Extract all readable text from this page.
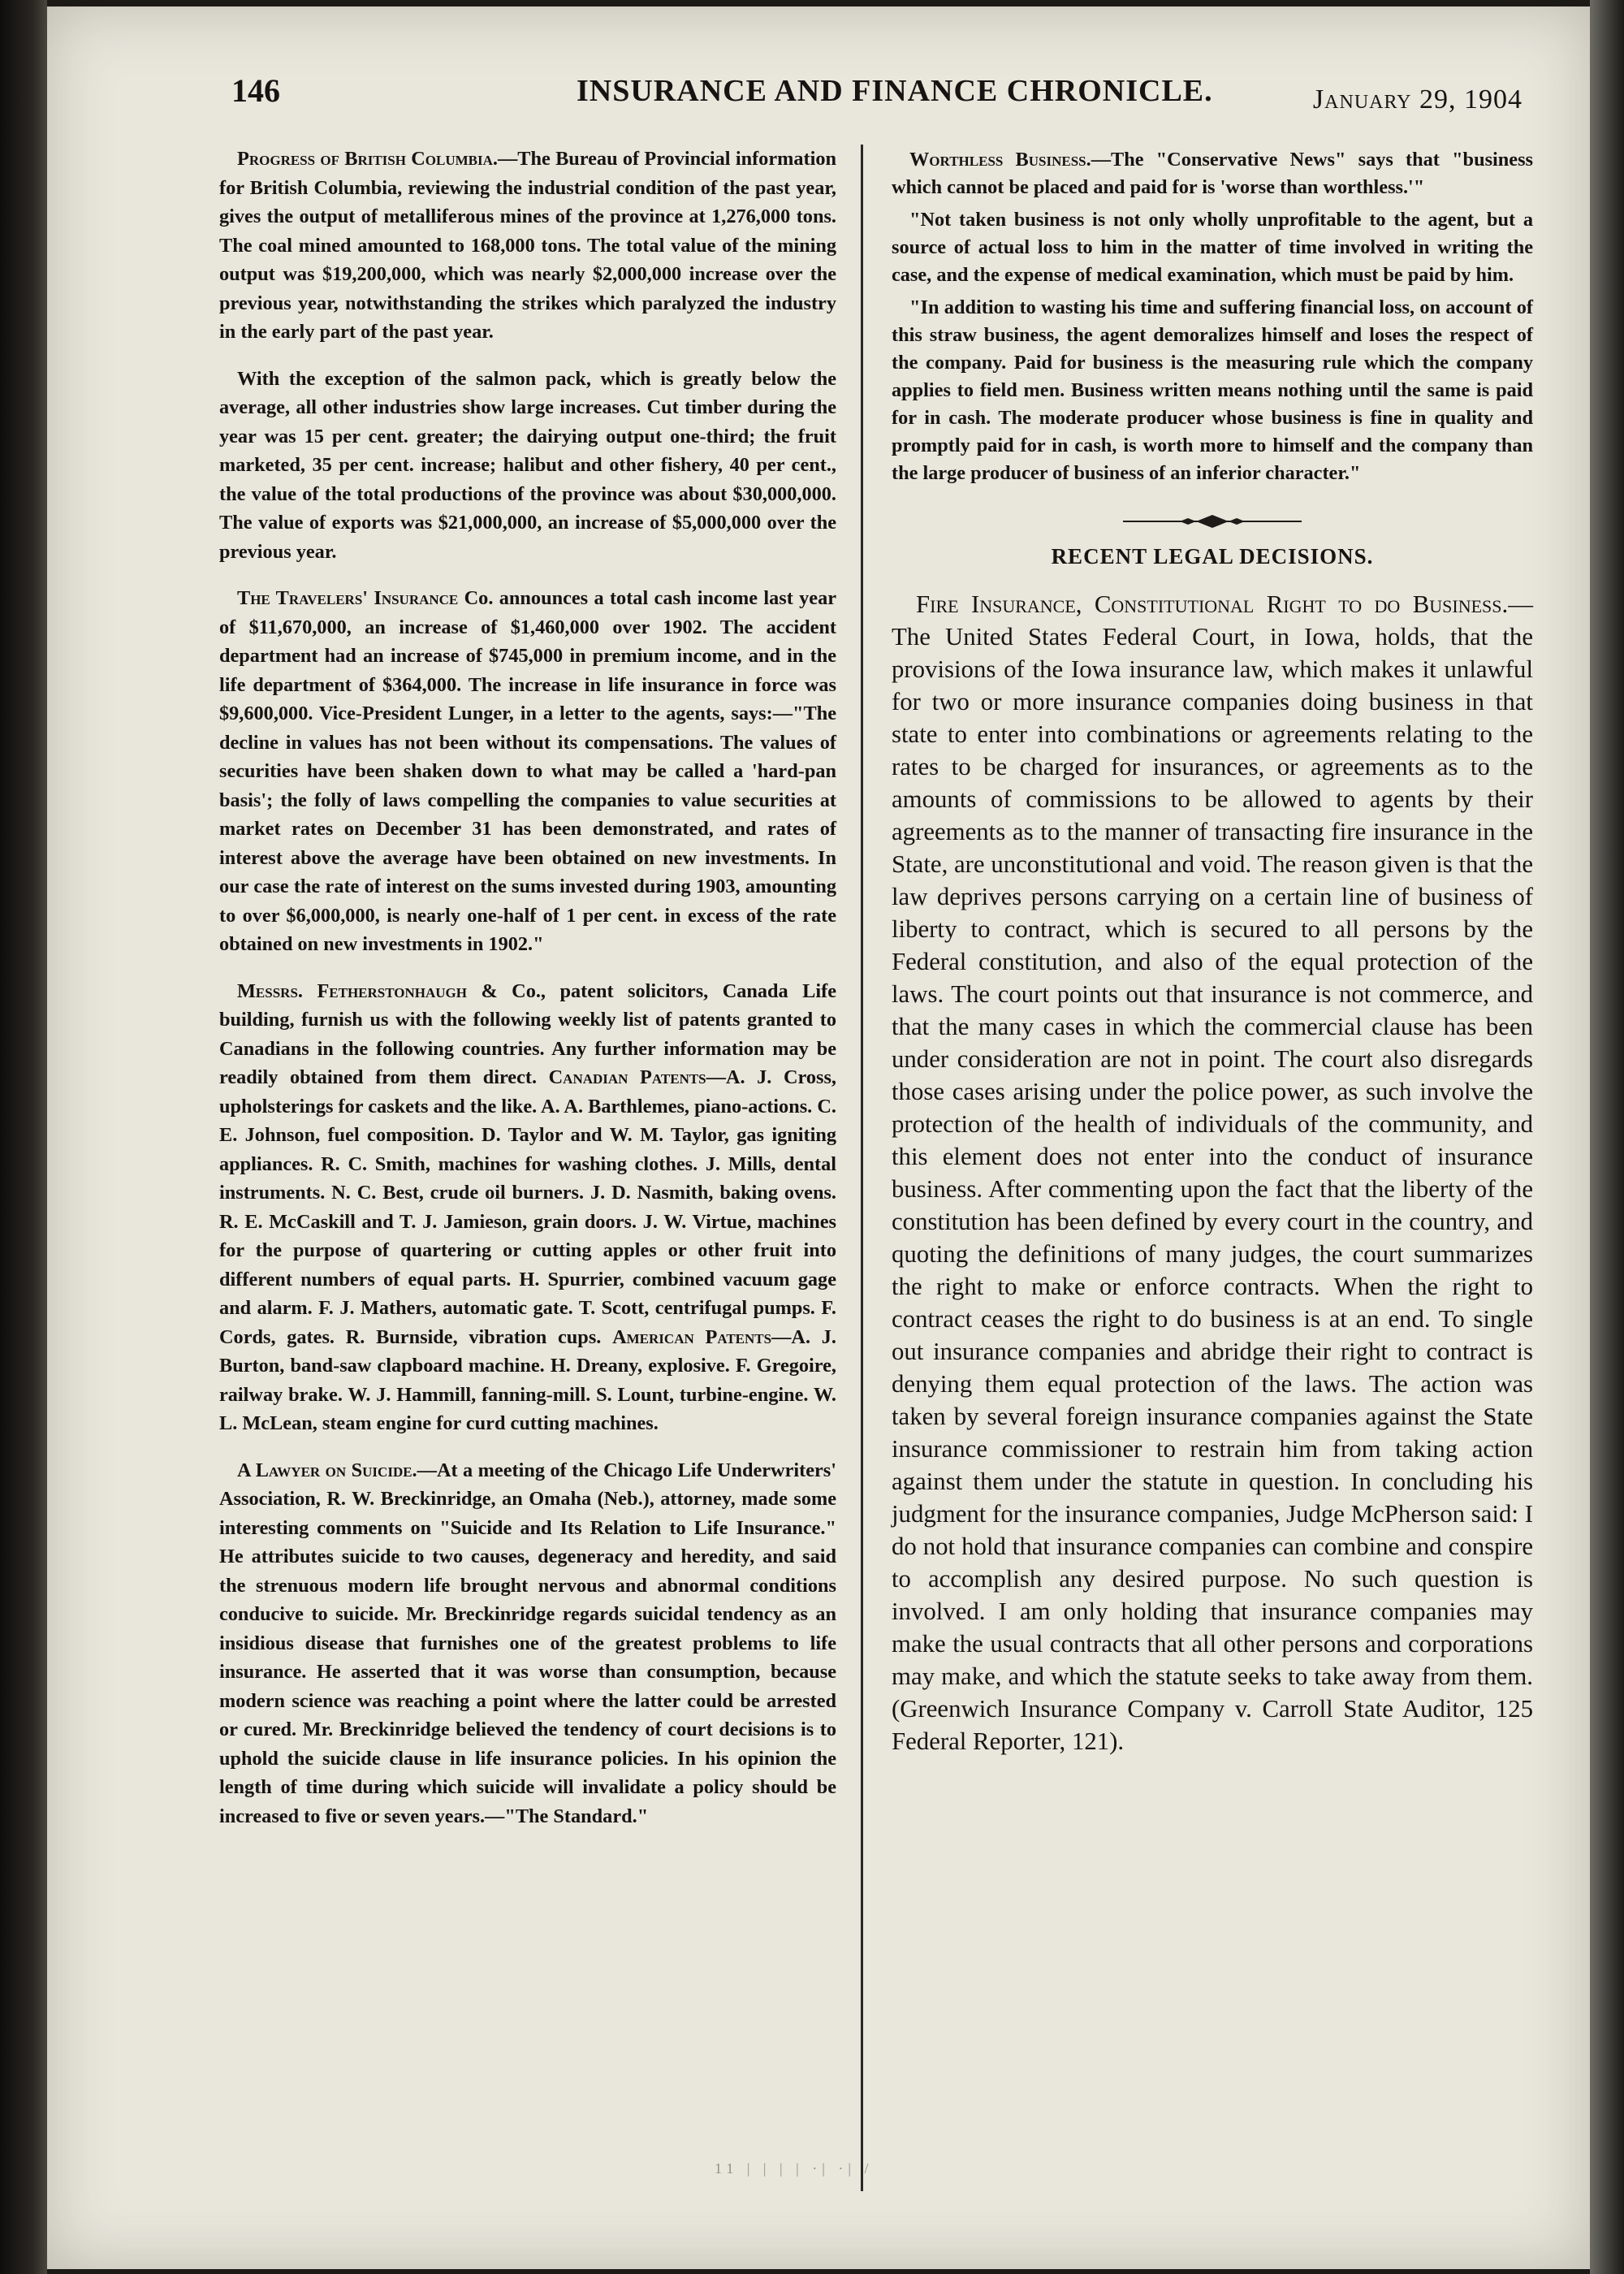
146	INSURANCE AND FINANCE CHRONICLE.	January 29, 1904

Progress of British Columbia.—The Bureau of Provincial information for British Columbia, reviewing the industrial condition of the past year, gives the output of metalliferous mines of the province at 1,276,000 tons. The coal mined amounted to 168,000 tons. The total value of the mining output was $19,200,000, which was nearly $2,000,000 increase over the previous year, notwithstanding the strikes which paralyzed the industry in the early part of the past year.

With the exception of the salmon pack, which is greatly below the average, all other industries show large increases. Cut timber during the year was 15 per cent. greater; the dairying output one-third; the fruit marketed, 35 per cent. increase; halibut and other fishery, 40 per cent., the value of the total productions of the province was about $30,000,000. The value of exports was $21,000,000, an increase of $5,000,000 over the previous year.

The Travelers' Insurance Co. announces a total cash income last year of $11,670,000, an increase of $1,460,000 over 1902. The accident department had an increase of $745,000 in premium income, and in the life department of $364,000. The increase in life insurance in force was $9,600,000. Vice-President Lunger, in a letter to the agents, says:—"The decline in values has not been without its compensations. The values of securities have been shaken down to what may be called a 'hard-pan basis'; the folly of laws compelling the companies to value securities at market rates on December 31 has been demonstrated, and rates of interest above the average have been obtained on new investments. In our case the rate of interest on the sums invested during 1903, amounting to over $6,000,000, is nearly one-half of 1 per cent. in excess of the rate obtained on new investments in 1902."

Messrs. Fetherstonhaugh & Co., patent solicitors, Canada Life building, furnish us with the following weekly list of patents granted to Canadians in the following countries. Any further information may be readily obtained from them direct. Canadian Patents—A. J. Cross, upholsterings for caskets and the like. A. A. Barthlemes, piano-actions. C. E. Johnson, fuel composition. D. Taylor and W. M. Taylor, gas igniting appliances. R. C. Smith, machines for washing clothes. J. Mills, dental instruments. N. C. Best, crude oil burners. J. D. Nasmith, baking ovens. R. E. McCaskill and T. J. Jamieson, grain doors. J. W. Virtue, machines for the purpose of quartering or cutting apples or other fruit into different numbers of equal parts. H. Spurrier, combined vacuum gage and alarm. F. J. Mathers, automatic gate. T. Scott, centrifugal pumps. F. Cords, gates. R. Burnside, vibration cups. American Patents—A. J. Burton, band-saw clapboard machine. H. Dreany, explosive. F. Gregoire, railway brake. W. J. Hammill, fanning-mill. S. Lount, turbine-engine. W. L. McLean, steam engine for curd cutting machines.

A Lawyer on Suicide.—At a meeting of the Chicago Life Underwriters' Association, R. W. Breckinridge, an Omaha (Neb.), attorney, made some interesting comments on "Suicide and Its Relation to Life Insurance." He attributes suicide to two causes, degeneracy and heredity, and said the strenuous modern life brought nervous and abnormal conditions conducive to suicide. Mr. Breckinridge regards suicidal tendency as an insidious disease that furnishes one of the greatest problems to life insurance. He asserted that it was worse than consumption, because modern science was reaching a point where the latter could be arrested or cured. Mr. Breckinridge believed the tendency of court decisions is to uphold the suicide clause in life insurance policies. In his opinion the length of time during which suicide will invalidate a policy should be increased to five or seven years.—"The Standard."

Worthless Business.—The "Conservative News" says that "business which cannot be placed and paid for is 'worse than worthless.'"

"Not taken business is not only wholly unprofitable to the agent, but a source of actual loss to him in the matter of time involved in writing the case, and the expense of medical examination, which must be paid by him.

"In addition to wasting his time and suffering financial loss, on account of this straw business, the agent demoralizes himself and loses the respect of the company. Paid for business is the measuring rule which the company applies to field men. Business written means nothing until the same is paid for in cash. The moderate producer whose business is fine in quality and promptly paid for in cash, is worth more to himself and the company than the large producer of business of an inferior character."

RECENT LEGAL DECISIONS.

Fire Insurance, Constitutional Right to do Business.—The United States Federal Court, in Iowa, holds, that the provisions of the Iowa insurance law, which makes it unlawful for two or more insurance companies doing business in that state to enter into combinations or agreements relating to the rates to be charged for insurances, or agreements as to the amounts of commissions to be allowed to agents by their agreements as to the manner of transacting fire insurance in the State, are unconstitutional and void. The reason given is that the law deprives persons carrying on a certain line of business of liberty to contract, which is secured to all persons by the Federal constitution, and also of the equal protection of the laws. The court points out that insurance is not commerce, and that the many cases in which the commercial clause has been under consideration are not in point. The court also disregards those cases arising under the police power, as such involve the protection of the health of individuals of the community, and this element does not enter into the conduct of insurance business. After commenting upon the fact that the liberty of the constitution has been defined by every court in the country, and quoting the definitions of many judges, the court summarizes the right to make or enforce contracts. When the right to contract ceases the right to do business is at an end. To single out insurance companies and abridge their right to contract is denying them equal protection of the laws. The action was taken by several foreign insurance companies against the State insurance commissioner to restrain him from taking action against them under the statute in question. In concluding his judgment for the insurance companies, Judge McPherson said: I do not hold that insurance companies can combine and conspire to accomplish any desired purpose. No such question is involved. I am only holding that insurance companies may make the usual contracts that all other persons and corporations may make, and which the statute seeks to take away from them. (Greenwich Insurance Company v. Carroll State Auditor, 125 Federal Reporter, 121).

11 | | | | ·| ·| /
